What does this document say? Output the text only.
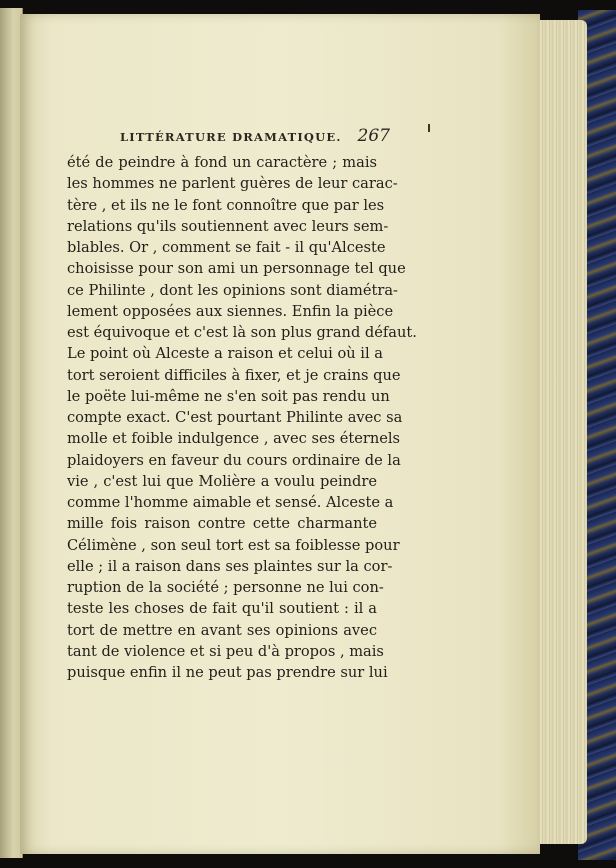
LITTÉRATURE DRAMATIQUE. 267
été de peindre à fond un caractère ; mais
les hommes ne parlent guères de leur carac-
tère , et ils ne le font connoître que par les
relations qu'ils soutiennent avec leurs sem-
blables. Or , comment se fait - il qu'Alceste
choisisse pour son ami un personnage tel que
ce Philinte , dont les opinions sont diamétra-
lement opposées aux siennes. Enfin la pièce
est équivoque et c'est là son plus grand défaut.
Le point où Alceste a raison et celui où il a
tort seroient difficiles à fixer, et je crains que
le poëte lui-même ne s'en soit pas rendu un
compte exact. C'est pourtant Philinte avec sa
molle et foible indulgence , avec ses éternels
plaidoyers en faveur du cours ordinaire de la
vie , c'est lui que Molière a voulu peindre
comme l'homme aimable et sensé. Alceste a
mille fois raison contre cette charmante
Célimène , son seul tort est sa foiblesse pour
elle ; il a raison dans ses plaintes sur la cor-
ruption de la société ; personne ne lui con-
teste les choses de fait qu'il soutient : il a
tort de mettre en avant ses opinions avec
tant de violence et si peu d'à propos , mais
puisque enfin il ne peut pas prendre sur lui
